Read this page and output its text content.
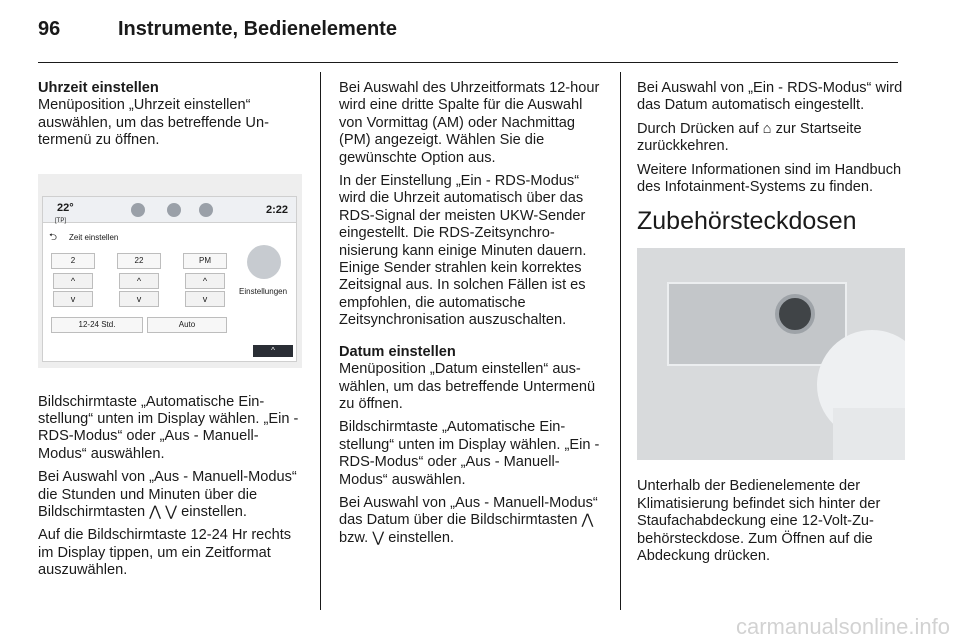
96	Instrumente, Bedienelemente
Uhrzeit einstellen

Menüposition „Uhrzeit einstellen“ auswählen, um das betreffende Untermenü zu öffnen.

22°
[TP]
2:22
⮌ Zeit einstellen
2	22	PM
^
v
^
v
^
v
12-24 Std.	Auto
Einstellungen
^

Bildschirmtaste „Automatische Einstellung“ unten im Display wählen. „Ein - RDS-Modus“ oder „Aus - Manuell-Modus“ auswählen.

Bei Auswahl von „Aus - Manuell-Modus“ die Stunden und Minuten über die Bildschirmtasten ⋀ ⋁ einstellen.

Auf die Bildschirmtaste 12-24 Hr rechts im Display tippen, um ein Zeitformat auszuwählen.

Bei Auswahl des Uhrzeitformats 12-hour wird eine dritte Spalte für die Auswahl von Vormittag (AM) oder Nachmittag (PM) angezeigt. Wählen Sie die gewünschte Option aus.

In der Einstellung „Ein - RDS-Modus“ wird die Uhrzeit automatisch über das RDS-Signal der meisten UKW-Sender eingestellt. Die RDS-Zeitsynchronisierung kann einige Minuten dauern. Einige Sender strahlen kein korrektes Zeitsignal aus. In solchen Fällen ist es empfohlen, die automatische Zeitsynchronisation auszuschalten.

Datum einstellen

Menüposition „Datum einstellen“ auswählen, um das betreffende Untermenü zu öffnen.

Bildschirmtaste „Automatische Einstellung“ unten im Display wählen. „Ein - RDS-Modus“ oder „Aus - Manuell-Modus“ auswählen.

Bei Auswahl von „Aus - Manuell-Modus“ das Datum über die Bildschirmtasten ⋀ bzw. ⋁ einstellen.

Bei Auswahl von „Ein - RDS-Modus“ wird das Datum automatisch eingestellt.

Durch Drücken auf ⌂ zur Startseite zurückkehren.

Weitere Informationen sind im Handbuch des Infotainment-Systems zu finden.

Zubehörsteckdosen

Unterhalb der Bedienelemente der Klimatisierung befindet sich hinter der Staufachabdeckung eine 12-Volt-Zubehörsteckdose. Zum Öffnen auf die Abdeckung drücken.

carmanualsonline.info
